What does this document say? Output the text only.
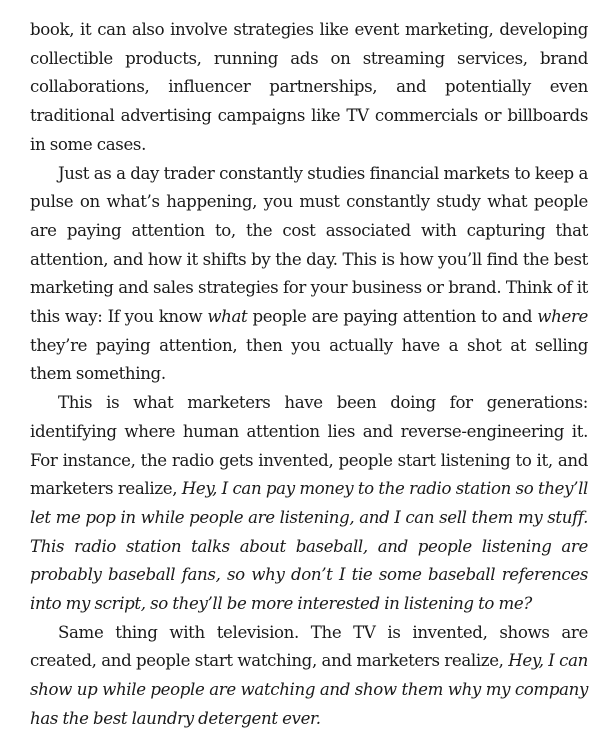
book, it can also involve strategies like event marketing, developing collectible products, running ads on streaming services, brand collaborations, influencer partnerships, and potentially even traditional advertising campaigns like TV commercials or billboards in some cases.

Just as a day trader constantly studies financial markets to keep a pulse on what’s happening, you must constantly study what people are paying attention to, the cost associated with capturing that attention, and how it shifts by the day. This is how you’ll find the best marketing and sales strategies for your business or brand. Think of it this way: If you know what people are paying attention to and where they’re paying attention, then you actually have a shot at selling them something.

This is what marketers have been doing for generations: identifying where human attention lies and reverse-engineering it. For instance, the radio gets invented, people start listening to it, and marketers realize, Hey, I can pay money to the radio station so they’ll let me pop in while people are listening, and I can sell them my stuff. This radio station talks about baseball, and people listening are probably baseball fans, so why don’t I tie some baseball references into my script, so they’ll be more interested in listening to me?

Same thing with television. The TV is invented, shows are created, and people start watching, and marketers realize, Hey, I can show up while people are watching and show them why my company has the best laundry detergent ever.
